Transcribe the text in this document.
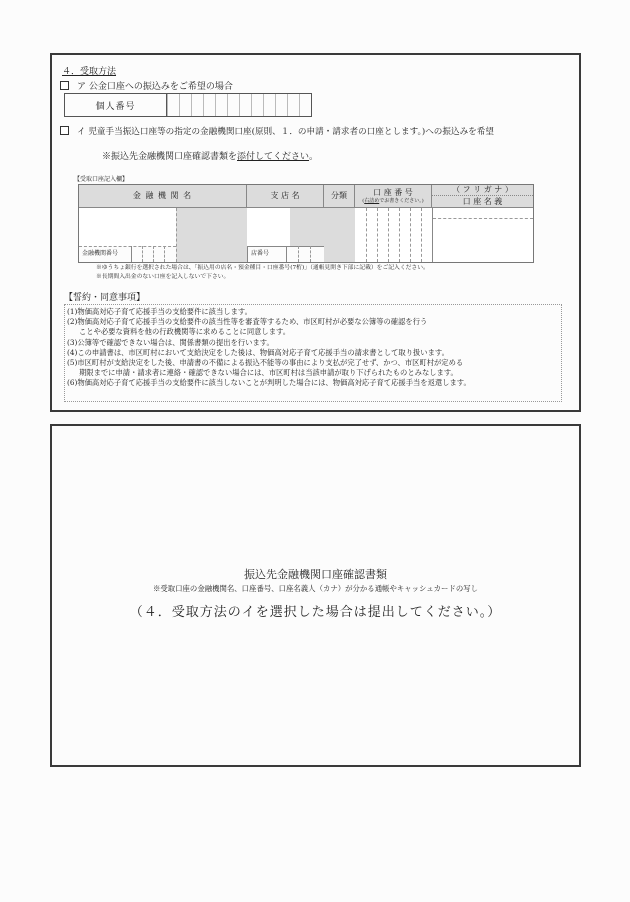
４．受取方法
ア 公金口座への振込みをご希望の場合
個人番号
イ 児童手当振込口座等の指定の金融機関口座(原則、１．の申請・請求者の口座とします。)への振込みを希望
※振込先金融機関口座確認書類を添付してください。
【受取口座記入欄】
金 融 機 関 名	支 店 名	分類	口 座 番 号
(右詰めでお書きください。)
（ フ リ ガ ナ ）
口 座 名 義
金融機関番号	店番号
※ゆうちょ銀行を選択された場合は、「振込用の店名・預金種目・口座番号(7桁)」（通帳見開き下部に記載）をご記入ください。
※長期間入出金のない口座を記入しないで下さい。
【誓約・同意事項】
(1)物価高対応子育て応援手当の支給要件に該当します。
(2)物価高対応子育て応援手当の支給要件の該当性等を審査等するため、市区町村が必要な公簿等の確認を行う
ことや必要な資料を他の行政機関等に求めることに同意します。
(3)公簿等で確認できない場合は、関係書類の提出を行います。
(4)この申請書は、市区町村において支給決定をした後は、物価高対応子育て応援手当の請求書として取り扱います。
(5)市区町村が支給決定をした後、申請書の不備による振込不能等の事由により支払が完了せず、かつ、市区町村が定める
期限までに申請・請求者に連絡・確認できない場合には、市区町村は当該申請が取り下げられたものとみなします。
(6)物価高対応子育て応援手当の支給要件に該当しないことが判明した場合には、物価高対応子育て応援手当を返還します。
振込先金融機関口座確認書類
※受取口座の金融機関名、口座番号、口座名義人（カナ）が分かる通帳やキャッシュカードの写し
（４．受取方法のイを選択した場合は提出してください。）
